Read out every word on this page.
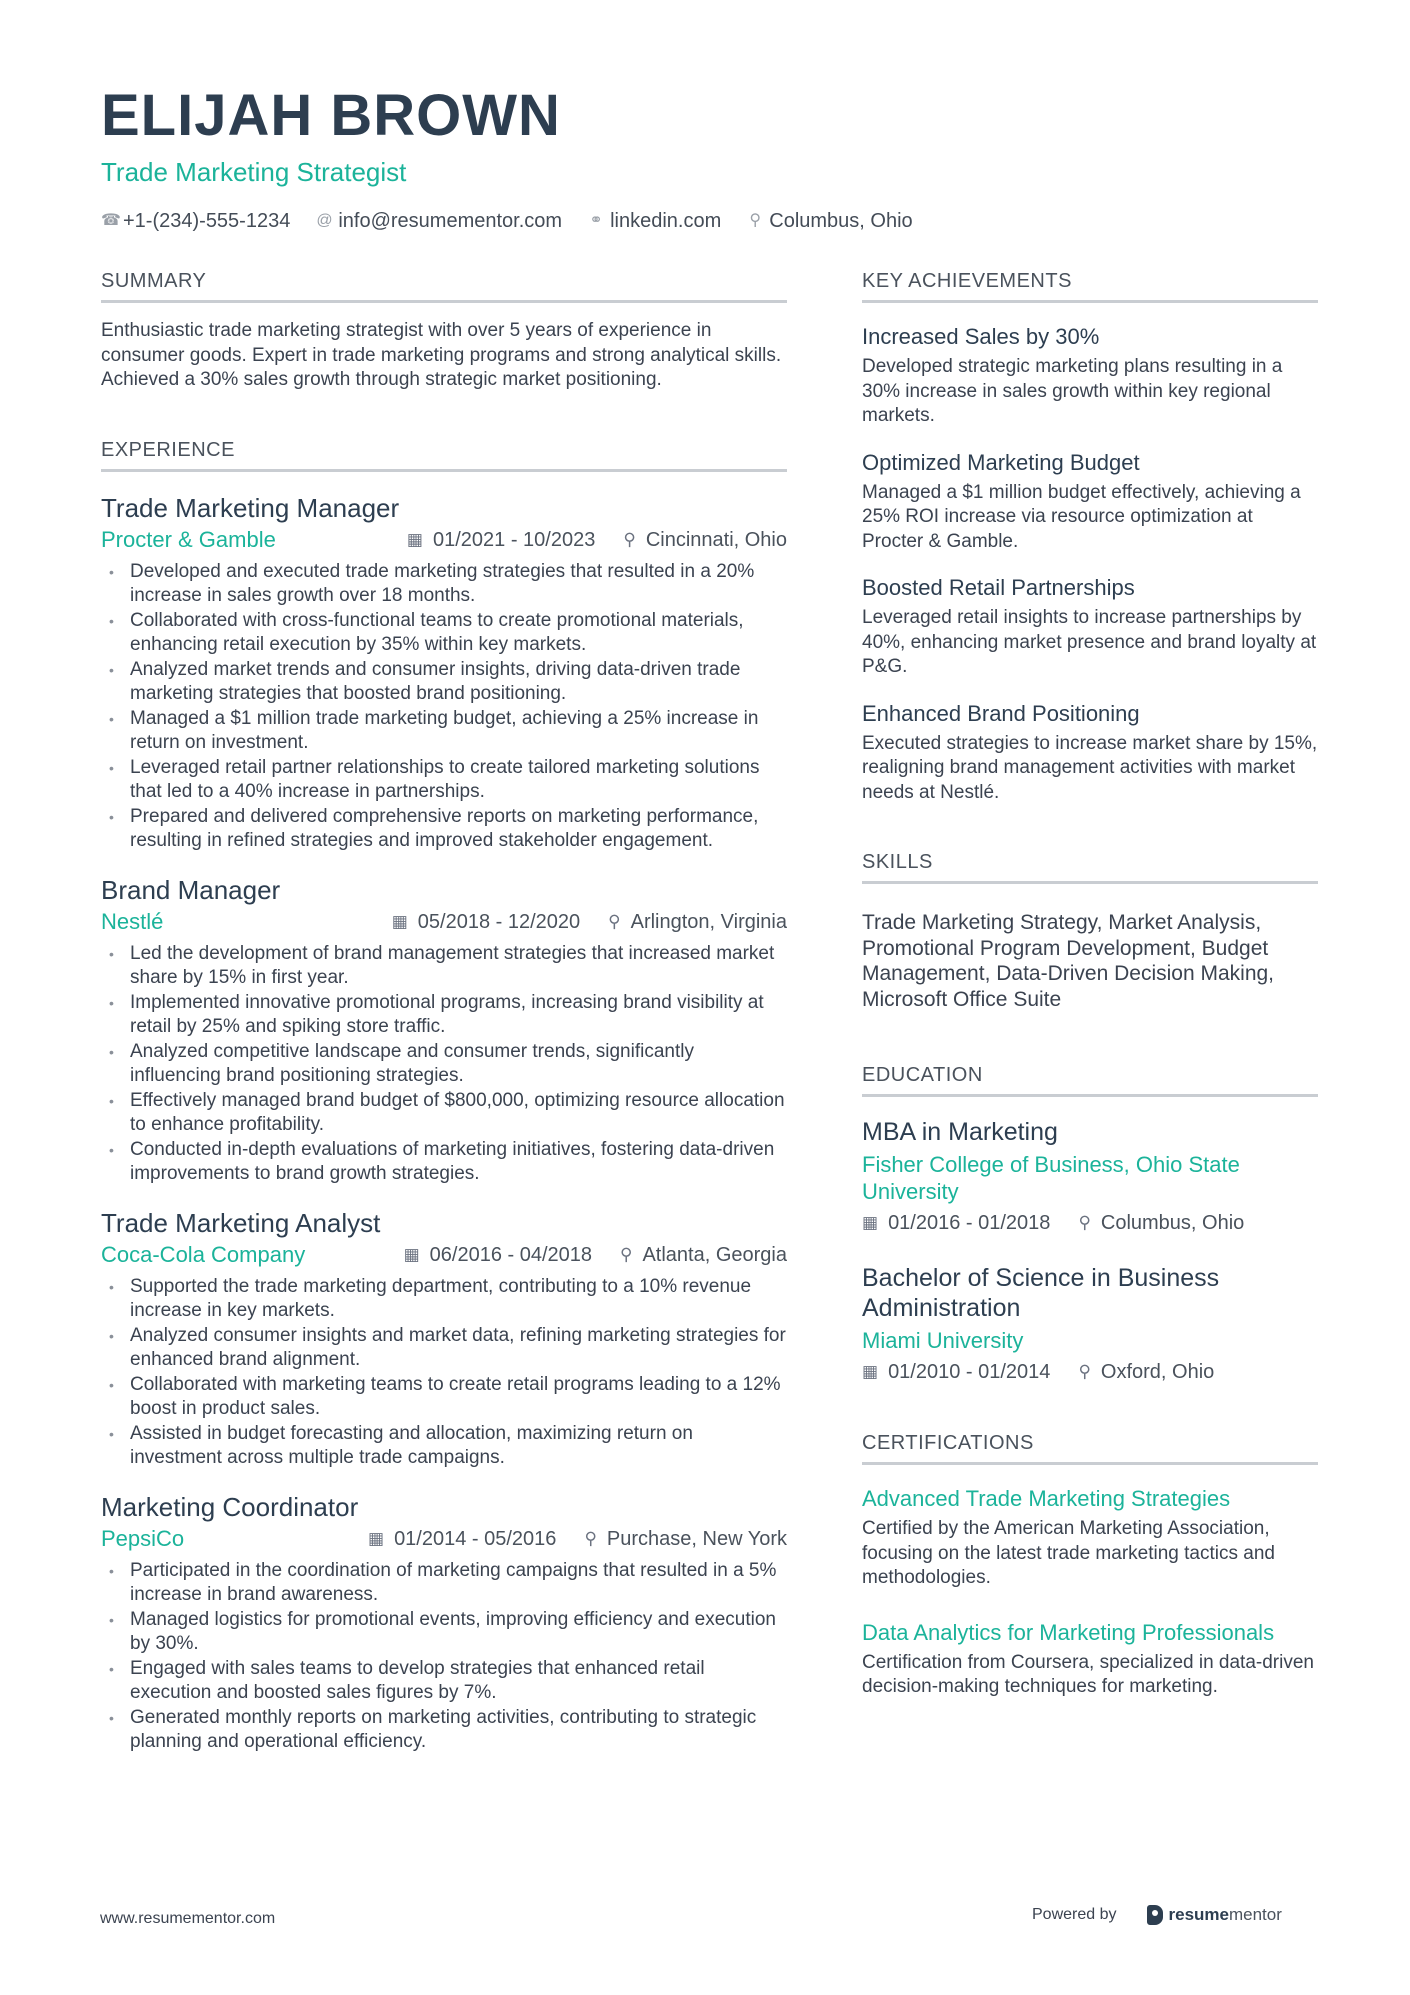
ELIJAH BROWN
Trade Marketing Strategist
☎ +1-(234)-555-1234 @ info@resumementor.com ⚭ linkedin.com ⚲ Columbus, Ohio
SUMMARY
Enthusiastic trade marketing strategist with over 5 years of experience in consumer goods. Expert in trade marketing programs and strong analytical skills. Achieved a 30% sales growth through strategic market positioning.
EXPERIENCE
Trade Marketing Manager
Procter & Gamble	▦ 01/2021 - 10/2023 ⚲ Cincinnati, Ohio
• Developed and executed trade marketing strategies that resulted in a 20% increase in sales growth over 18 months.
• Collaborated with cross-functional teams to create promotional materials, enhancing retail execution by 35% within key markets.
• Analyzed market trends and consumer insights, driving data-driven trade marketing strategies that boosted brand positioning.
• Managed a $1 million trade marketing budget, achieving a 25% increase in return on investment.
• Leveraged retail partner relationships to create tailored marketing solutions that led to a 40% increase in partnerships.
• Prepared and delivered comprehensive reports on marketing performance, resulting in refined strategies and improved stakeholder engagement.
Brand Manager
Nestlé	▦ 05/2018 - 12/2020 ⚲ Arlington, Virginia
• Led the development of brand management strategies that increased market share by 15% in first year.
• Implemented innovative promotional programs, increasing brand visibility at retail by 25% and spiking store traffic.
• Analyzed competitive landscape and consumer trends, significantly influencing brand positioning strategies.
• Effectively managed brand budget of $800,000, optimizing resource allocation to enhance profitability.
• Conducted in-depth evaluations of marketing initiatives, fostering data-driven improvements to brand growth strategies.
Trade Marketing Analyst
Coca-Cola Company	▦ 06/2016 - 04/2018 ⚲ Atlanta, Georgia
• Supported the trade marketing department, contributing to a 10% revenue increase in key markets.
• Analyzed consumer insights and market data, refining marketing strategies for enhanced brand alignment.
• Collaborated with marketing teams to create retail programs leading to a 12% boost in product sales.
• Assisted in budget forecasting and allocation, maximizing return on investment across multiple trade campaigns.
Marketing Coordinator
PepsiCo	▦ 01/2014 - 05/2016 ⚲ Purchase, New York
• Participated in the coordination of marketing campaigns that resulted in a 5% increase in brand awareness.
• Managed logistics for promotional events, improving efficiency and execution by 30%.
• Engaged with sales teams to develop strategies that enhanced retail execution and boosted sales figures by 7%.
• Generated monthly reports on marketing activities, contributing to strategic planning and operational efficiency.
KEY ACHIEVEMENTS
Increased Sales by 30%
Developed strategic marketing plans resulting in a 30% increase in sales growth within key regional markets.
Optimized Marketing Budget
Managed a $1 million budget effectively, achieving a 25% ROI increase via resource optimization at Procter & Gamble.
Boosted Retail Partnerships
Leveraged retail insights to increase partnerships by 40%, enhancing market presence and brand loyalty at P&G.
Enhanced Brand Positioning
Executed strategies to increase market share by 15%, realigning brand management activities with market needs at Nestlé.
SKILLS
Trade Marketing Strategy, Market Analysis, Promotional Program Development, Budget Management, Data-Driven Decision Making, Microsoft Office Suite
EDUCATION
MBA in Marketing
Fisher College of Business, Ohio State University
▦ 01/2016 - 01/2018 ⚲ Columbus, Ohio
Bachelor of Science in Business Administration
Miami University
▦ 01/2010 - 01/2014 ⚲ Oxford, Ohio
CERTIFICATIONS
Advanced Trade Marketing Strategies
Certified by the American Marketing Association, focusing on the latest trade marketing tactics and methodologies.
Data Analytics for Marketing Professionals
Certification from Coursera, specialized in data-driven decision-making techniques for marketing.
www.resumementor.com	Powered by	resumementor
